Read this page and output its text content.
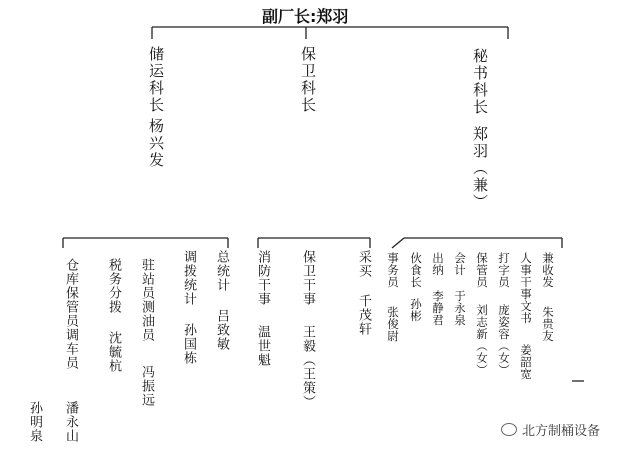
副厂长:郑羽
储运科长
杨兴发
保卫科长	秘书科长
郑羽（兼）
仓库保管员调车员
潘永山
孙明泉
税务分拨
沈毓杭
驻站员测油员
冯振远
调拨统计
孙国栋
总统计
吕致敏
消防干事
温世魁
保卫干事
王毅（王策）
采买
千茂轩
事务员
张俊尉
伙食长
孙彬
出纳
李静君
会计
于永泉
保管员
刘志新（女）
打字员
庞姿容（女）
人事干事文书
姜韶宽
兼收发
朱贵友
北方制桶设备
